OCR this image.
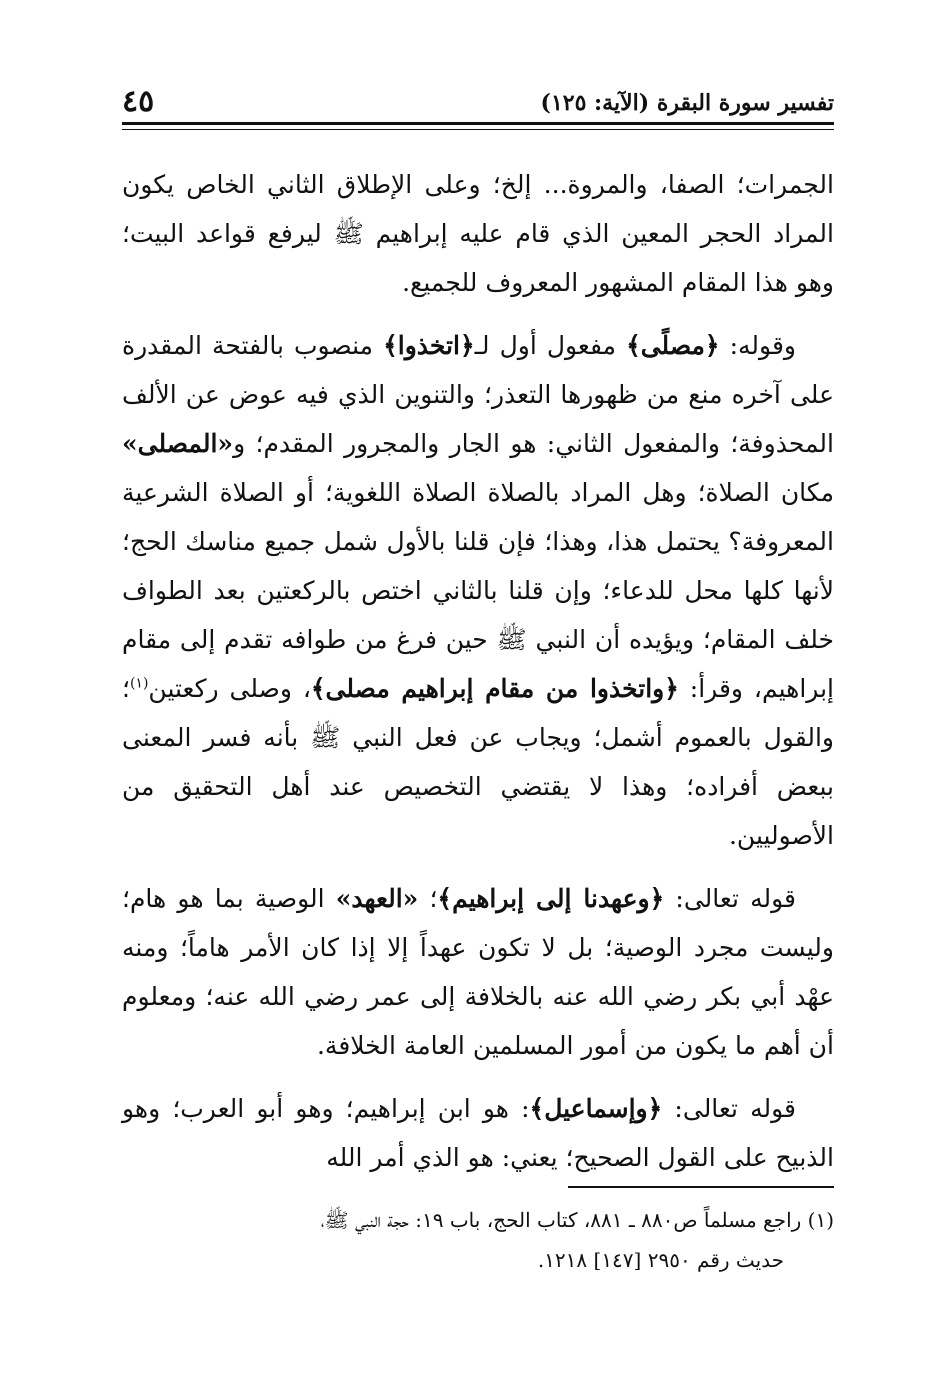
تفسير سورة البقرة (الآية: ١٢٥)
٤٥

الجمرات؛ الصفا، والمروة... إلخ؛ وعلى الإطلاق الثاني الخاص يكون المراد الحجر المعين الذي قام عليه إبراهيم ﷺ ليرفع قواعد البيت؛ وهو هذا المقام المشهور المعروف للجميع.

وقوله: ﴿مصلًى﴾ مفعول أول لـ﴿اتخذوا﴾ منصوب بالفتحة المقدرة على آخره منع من ظهورها التعذر؛ والتنوين الذي فيه عوض عن الألف المحذوفة؛ والمفعول الثاني: هو الجار والمجرور المقدم؛ و«المصلى» مكان الصلاة؛ وهل المراد بالصلاة الصلاة اللغوية؛ أو الصلاة الشرعية المعروفة؟ يحتمل هذا، وهذا؛ فإن قلنا بالأول شمل جميع مناسك الحج؛ لأنها كلها محل للدعاء؛ وإن قلنا بالثاني اختص بالركعتين بعد الطواف خلف المقام؛ ويؤيده أن النبي ﷺ حين فرغ من طوافه تقدم إلى مقام إبراهيم، وقرأ: ﴿واتخذوا من مقام إبراهيم مصلى﴾، وصلى ركعتين$^{(١)}$؛ والقول بالعموم أشمل؛ ويجاب عن فعل النبي ﷺ بأنه فسر المعنى ببعض أفراده؛ وهذا لا يقتضي التخصيص عند أهل التحقيق من الأصوليين.

قوله تعالى: ﴿وعهدنا إلى إبراهيم﴾؛ «العهد» الوصية بما هو هام؛ وليست مجرد الوصية؛ بل لا تكون عهداً إلا إذا كان الأمر هاماً؛ ومنه عهْد أبي بكر رضي الله عنه بالخلافة إلى عمر رضي الله عنه؛ ومعلوم أن أهم ما يكون من أمور المسلمين العامة الخلافة.

قوله تعالى: ﴿وإسماعيل﴾: هو ابن إبراهيم؛ وهو أبو العرب؛ وهو الذبيح على القول الصحيح؛ يعني: هو الذي أمر الله

(١) راجع مسلماً ص٨٨٠ ـ ٨٨١، كتاب الحج، باب ١٩: حجة النبي ﷺ،
حديث رقم ٢٩٥٠ [١٤٧] ١٢١٨.
